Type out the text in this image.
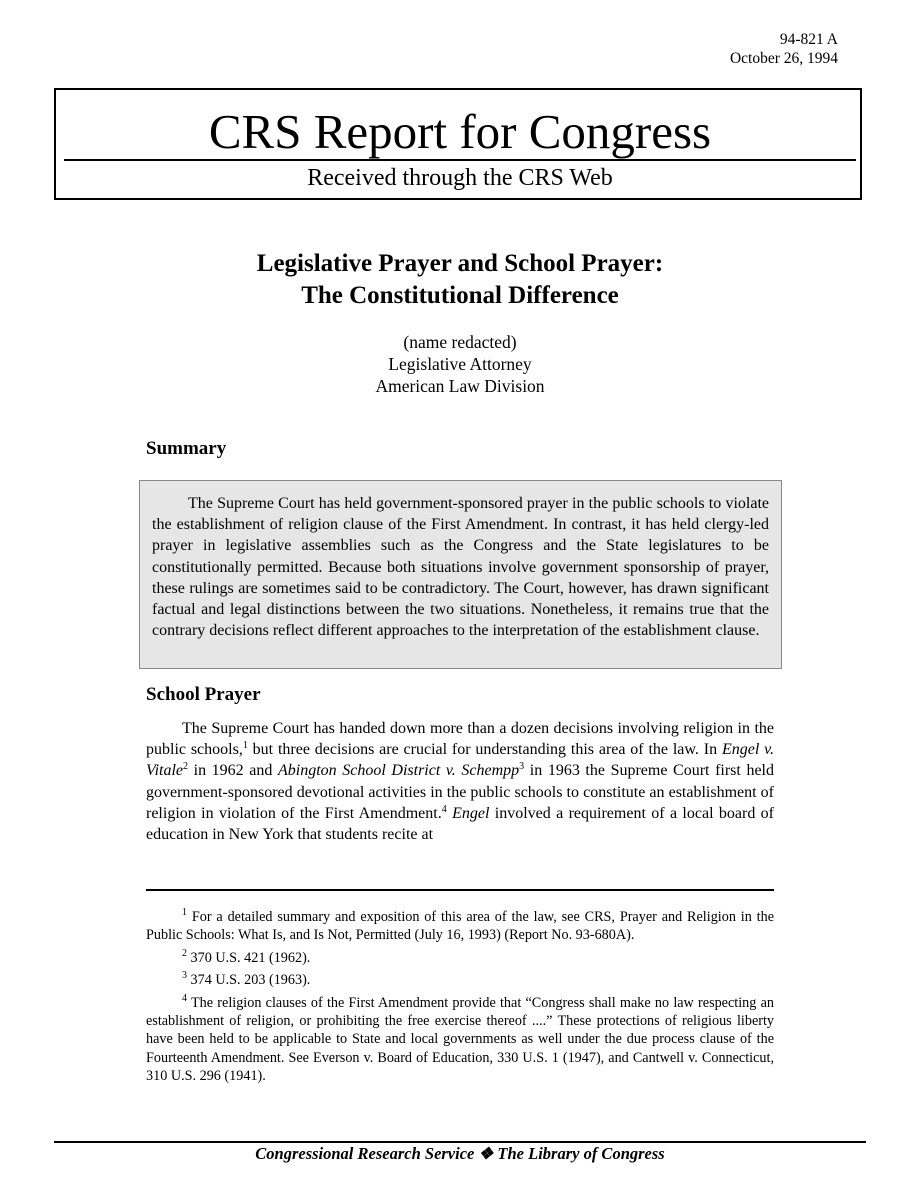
94-821 A
October 26, 1994
CRS Report for Congress
Received through the CRS Web
Legislative Prayer and School Prayer:
The Constitutional Difference
(name redacted)
Legislative Attorney
American Law Division
Summary

The Supreme Court has held government-sponsored prayer in the public schools to violate the establishment of religion clause of the First Amendment. In contrast, it has held clergy-led prayer in legislative assemblies such as the Congress and the State legislatures to be constitutionally permitted. Because both situations involve government sponsorship of prayer, these rulings are sometimes said to be contradictory. The Court, however, has drawn significant factual and legal distinctions between the two situations. Nonetheless, it remains true that the contrary decisions reflect different approaches to the interpretation of the establishment clause.

School Prayer

The Supreme Court has handed down more than a dozen decisions involving religion in the public schools,$^1$ but three decisions are crucial for understanding this area of the law. In Engel v. Vitale$^2$ in 1962 and Abington School District v. Schempp$^3$ in 1963 the Supreme Court first held government-sponsored devotional activities in the public schools to constitute an establishment of religion in violation of the First Amendment.$^4$ Engel involved a requirement of a local board of education in New York that students recite at

$^1$ For a detailed summary and exposition of this area of the law, see CRS, Prayer and Religion in the Public Schools: What Is, and Is Not, Permitted (July 16, 1993) (Report No. 93-680A).

$^2$ 370 U.S. 421 (1962).

$^3$ 374 U.S. 203 (1963).

$^4$ The religion clauses of the First Amendment provide that “Congress shall make no law respecting an establishment of religion, or prohibiting the free exercise thereof ....” These protections of religious liberty have been held to be applicable to State and local governments as well under the due process clause of the Fourteenth Amendment. See Everson v. Board of Education, 330 U.S. 1 (1947), and Cantwell v. Connecticut, 310 U.S. 296 (1941).

Congressional Research Service ❖ The Library of Congress
